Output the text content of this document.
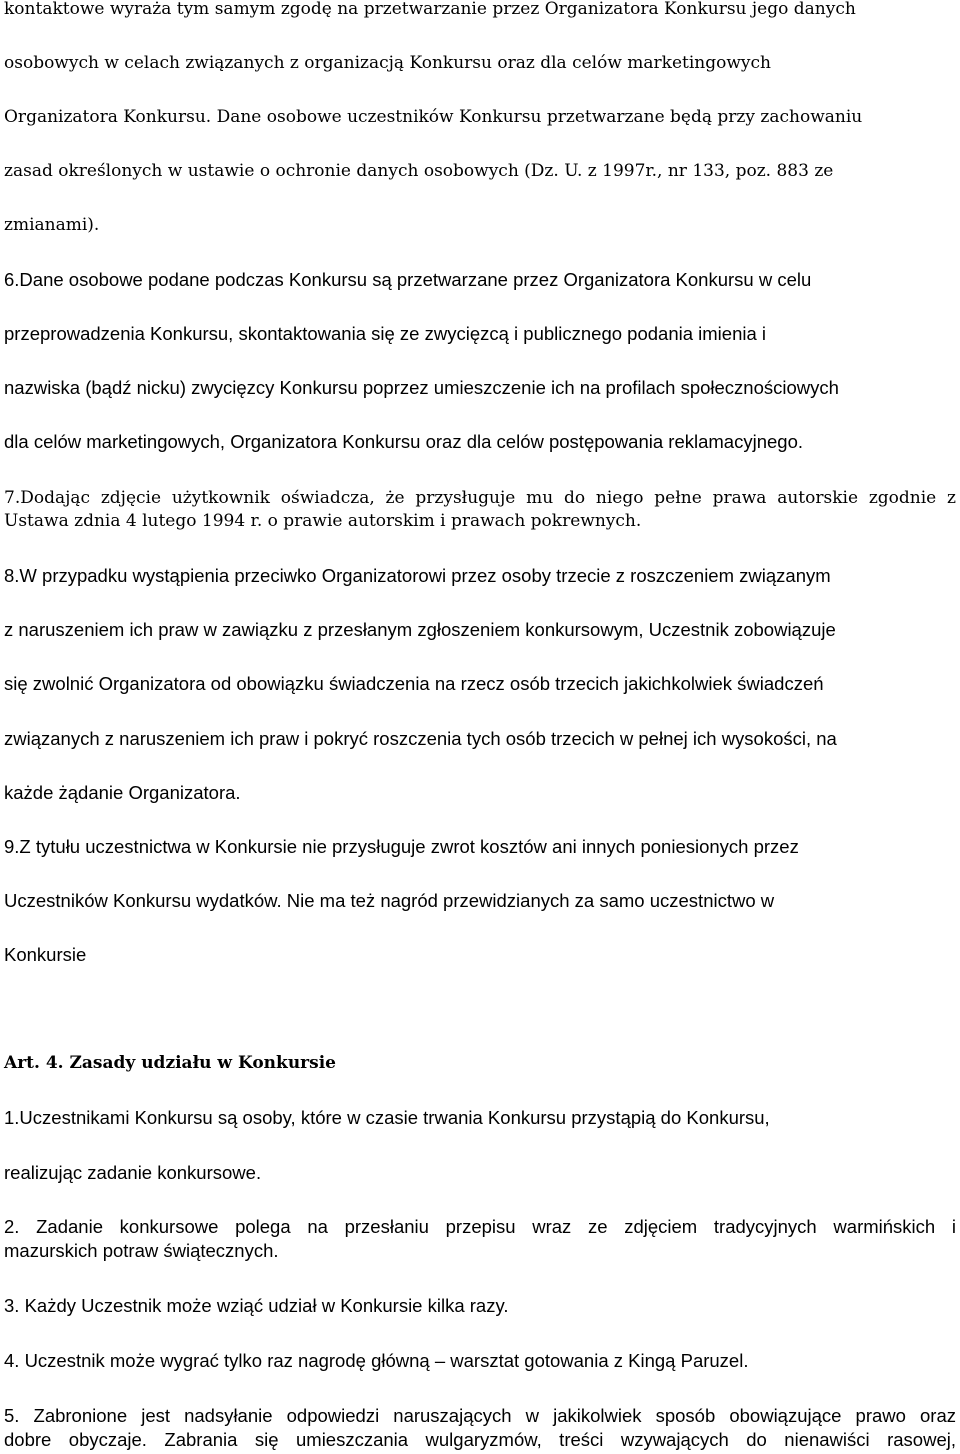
kontaktowe wyraża tym samym zgodę na przetwarzanie przez Organizatora Konkursu jego danych

osobowych w celach związanych z organizacją Konkursu oraz dla celów marketingowych

Organizatora Konkursu. Dane osobowe uczestników Konkursu przetwarzane będą przy zachowaniu

zasad określonych w ustawie o ochronie danych osobowych (Dz. U. z 1997r., nr 133, poz. 883 ze

zmianami).

6.Dane osobowe podane podczas Konkursu są przetwarzane przez Organizatora Konkursu w celu

przeprowadzenia Konkursu, skontaktowania się ze zwycięzcą i publicznego podania imienia i

nazwiska (bądź nicku) zwycięzcy Konkursu poprzez umieszczenie ich na profilach społecznościowych

dla celów marketingowych, Organizatora Konkursu oraz dla celów postępowania reklamacyjnego.

7.Dodając zdjęcie użytkownik oświadcza, że przysługuje mu do niego pełne prawa autorskie zgodnie z

Ustawa zdnia 4 lutego 1994 r. o prawie autorskim i prawach pokrewnych.

8.W przypadku wystąpienia przeciwko Organizatorowi przez osoby trzecie z roszczeniem związanym

z naruszeniem ich praw w zawiązku z przesłanym zgłoszeniem konkursowym, Uczestnik zobowiązuje

się zwolnić Organizatora od obowiązku świadczenia na rzecz osób trzecich jakichkolwiek świadczeń

związanych z naruszeniem ich praw i pokryć roszczenia tych osób trzecich w pełnej ich wysokości, na

każde żądanie Organizatora.

9.Z tytułu uczestnictwa w Konkursie nie przysługuje zwrot kosztów ani innych poniesionych przez

Uczestników Konkursu wydatków. Nie ma też nagród przewidzianych za samo uczestnictwo w

Konkursie

Art. 4. Zasady udziału w Konkursie

1.Uczestnikami Konkursu są osoby, które w czasie trwania Konkursu przystąpią do Konkursu,

realizując zadanie konkursowe.

2. Zadanie konkursowe polega na przesłaniu przepisu wraz ze zdjęciem tradycyjnych warmińskich i

mazurskich potraw świątecznych.

3. Każdy Uczestnik może wziąć udział w Konkursie kilka razy.

4. Uczestnik może wygrać tylko raz nagrodę główną – warsztat gotowania z Kingą Paruzel.

5. Zabronione jest nadsyłanie odpowiedzi naruszających w jakikolwiek sposób obowiązujące prawo oraz

dobre obyczaje. Zabrania się umieszczania wulgaryzmów, treści wzywających do nienawiści rasowej,
